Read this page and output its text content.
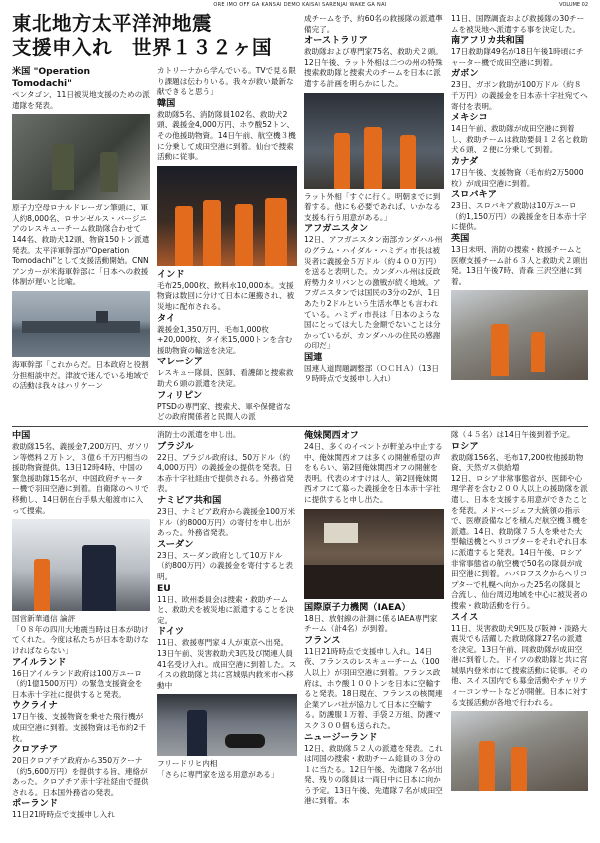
ORE IMO OFF GA KANSAI DEMO KAISAI SARENJAI WAKE GA NAI	VOLUME 02
東北地方太平洋沖地震
支援申入れ　世界１３２ヶ国
米国 "Operation Tomodachi"

ペンタゴン、11日被災地支援のための派遣隊を発表。

原子力空母ロナルドレーガン筆頭に、軍人約8,000名、ロサンゼルス・バージニアのレスキューチーム救助隊合わせて144名、救助犬12頭、物資150トン派遣発表。太平洋軍幹部が"Operation Tomodachi"として支援活動開始。CNNアンカーが米海軍幹部に「日本への救援体制が遅いと比喩。

海軍幹部「これからだ。日本政府と役割分担相談中だ。津波で迷んでいる地域での活動は我々はハリケーン

カトリーナから学んでいる。TVで見る限り課題は伝わりいる。我々が救い最新な献できると思う」

韓国

救助隊5名、消防隊員102名、救助犬2頭、義援金4,000万円、ホウ酸52トン、その他援助物資。14日午前、航空機３機に分乗して成田空港に到着。仙台で捜索活動に従事。

インド

毛布25,000枚、飲料水10,000本。支援物資は数回に分けて日本に運搬され、被災地に配布される。

タイ

義援金1,350万円、毛布1,000枚+20,000枚、タイ米15,000トンを含む援助物資の輸送を決定。

マレーシア

レスキュー隊員、医師、看護師と捜索救助犬６頭の派遣を決定。

フィリピン

PTSDの専門家、捜索犬、軍や保健省などの政府関係者と民間人の派

成チームを予、約60名の救援隊の派遣準備完了。

オーストラリア

救助隊および専門家75名、救助犬２頭。12日午後、ラット外相は二つの州の特殊捜索救助隊と捜索犬のチームを日本に派遣する計画を明らかにした。

ラット外相「すぐに行く。明朝までに到着する。他にも必要であれば、いかなる支援も行う用意がある。」

アフガニスタン

12日、アフガニスタン南部カンダハル州のグラム・ハイダル・ハミディ市長は被災者に義援金５万ドル（約４００万円）を送ると表明した。カンダハル州は反政府勢力タリバンとの激戦が続く地域。アフガニスタンでは国民の3分の2が、1日あたり2ドルという生活水準とも言われている。ハミディ市長は「日本のような国にとっては大した金額でないことは分かっているが、カンダハルの住民の感謝の印だ」

国連

国連人道問題調整部（ＯＣＨＡ）（13日９時時点で支援申し入れ）

11日、国際調査および救援隊の30チームを被災地へ派遣する事を決定した。

南アフリカ共和国

17日救助隊49名が18日午後1時頃にチャーター機で成田空港に到着。

ガボン

23日、ガボン救助が100万ドル（約８千万円）の義援金を日本赤十字社宛てへ寄付を表明。

メキシコ

14日午前、救助隊が成田空港に到着し、救助チームは救助要員１２名と救助犬６頭、２便に分乗して到着。

カナダ

17日午後、支援物資（毛布約2万5000枚）が成田空港に到着。

スロバキア

23日、スロバキア救助は10万ユーロ（約1,150万円）の義援金を日本赤十字に提供。

英国

13日未明、消防の捜索・救援チームと医療支援チーム計６３人と救助犬２頭出発。13日午後7時、青森 三沢空港に到着。

中国

救助隊15名、義援金7,200万円、ガソリン等燃料２万トン、３億６千万円相当の援助物資提供。13日12時4時、中国の緊急援助隊15名が、中国政府チャーター機で羽田空港に到着。自衛隊のヘリで移動し、14日朝在台手県大船渡市に入って捜索。

国営新華通信 論評
「０８年の四川大地震当時は日本が助けてくれた。今度は私たちが日本を助けなければならない」

アイルランド

16日アイルランド政府は100万ユーロ（約1億1500万円）の緊急支援資金を日本赤十字社に提供すると発表。

ウクライナ

17日午後、支援物資を乗せた飛行機が成田空港に到着。支援物資は毛布約2千枚。

クロアチア

20日クロアチア政府から350万クーナ（約5,600万円）を提供する旨、連絡があった。クロアチア赤十字社経由で提供される。日本国外務省の発表。

ポーランド

11日21時時点で支援申し入れ

消防士の派遣を申し出。

ブラジル

22日、ブラジル政府は、50万ドル（約4,000万円）の義援金の提供を発表。日本赤十字社経由で提供される。外務省発表。

ナミビア共和国

23日、ナミビア政府から義援金100万米ドル（約8000万円）の寄付を申し出があった。外務省発表。

スーダン

23日、スーダン政府として10万ドル（約800万円）の義援金を寄付すると表明。

EU

11日、欧州委員会は捜索・救助チームと、救助犬を被災地に派遣することを決定。

ドイツ

11日、救援専門家４人が東京へ出発。13日午前、災害救助犬3匹及び関連人員41名受け入れ。成田空港に到着した。スイスの救助隊と共に宮城県内救米市へ移動中

フリードリヒ内相
「さらに専門家を送る用意がある」

俺妹関西オフ

24日、多くのイベントが軒並み中止する中、俺妹関西オフは多くの開催希望の声をもらい、第2回俺妹関西オフの開催を表明。代表のオすけは人、第2回俺妹関西オフにて募った義援金を日本赤十字社に提供すると申し出た。

国際原子力機関（IAEA）

18日、放射線の計測に係るIAEA専門家チーム（計4名）が到着。

フランス

11日21時時点で支援申し入れ。14日夜、フランスのレスキューチーム（100人以上）が羽田空港に到着。フランス政府は、ホウ酸１００トンを日本に空輸すると発表。18日現在、フランスの核関連企業アレバ社が協力して日本に空輸する。防護服１万着、手袋２万組、防護マスク３００個も送られた。

ニュージーランド

12日、救助隊５２人の派遣を発表。これは同国の捜索・救助チーム総員の３分の１に当たる。12日午後、先遣隊７名が出発、残りの隊員は一両日中に日本に向かう予定。13日午後、先遣隊７名が成田空港に到着。本

隊（４５名）は14日午後到着予定。

ロシア

救助隊156名、毛布17,200枚他援助物資、天然ガス供給増
12日、ロシア非常事態省が、医師や心理学者を含む２００人以上の援助隊を派遣し、日本を支援する用意ができたことを発表。メドベージェフ大統領の指示で、医療設備などを積んだ航空機３機を派遣。14日、救助隊７５人を乗せた大型輸送機とヘリコプターをそれぞれ日本に派遣すると発表。14日午後、ロシア非常事態省の航空機で50名の隊員が成田空港に到着。ハバロフスクからヘリコプターで札幌へ向かった25名の隊員と合流し、仙台周辺地域を中心に被災者の捜索・救助活動を行う。

スイス

11日、災害救助犬9匹及び阪神・淡路大震災でも活躍した救助隊隊27名の派遣を決定。13日午前、同救助隊が成田空港に到着した。ドイツの救助隊と共に宮城県内登米市にて捜索活動に従事。その他、スイス国内でも募金活動やチャリティーコンサートなどが開催。日本に対する支援活動が各地で行われる。
